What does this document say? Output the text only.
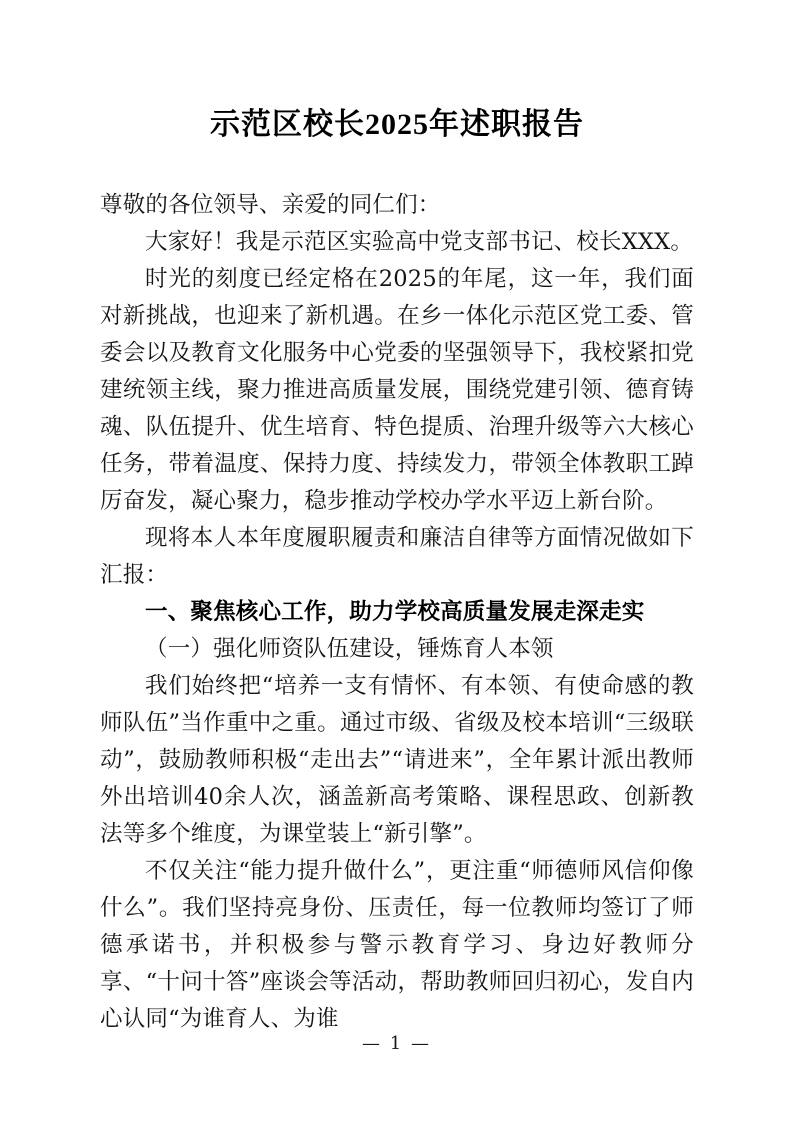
示范区校长2025年述职报告

尊敬的各位领导、亲爱的同仁们：

大家好！我是示范区实验高中党支部书记、校长XXX。

时光的刻度已经定格在2025的年尾，这一年，我们面对新挑战，也迎来了新机遇。在乡一体化示范区党工委、管委会以及教育文化服务中心党委的坚强领导下，我校紧扣党建统领主线，聚力推进高质量发展，围绕党建引领、德育铸魂、队伍提升、优生培育、特色提质、治理升级等六大核心任务，带着温度、保持力度、持续发力，带领全体教职工踔厉奋发，凝心聚力，稳步推动学校办学水平迈上新台阶。

现将本人本年度履职履责和廉洁自律等方面情况做如下汇报：

一、聚焦核心工作，助力学校高质量发展走深走实
（一）强化师资队伍建设，锤炼育人本领

我们始终把“培养一支有情怀、有本领、有使命感的教师队伍”当作重中之重。通过市级、省级及校本培训“三级联动”，鼓励教师积极“走出去”“请进来”，全年累计派出教师外出培训40余人次，涵盖新高考策略、课程思政、创新教法等多个维度，为课堂装上“新引擎”。

不仅关注“能力提升做什么”，更注重“师德师风信仰像什么”。我们坚持亮身份、压责任，每一位教师均签订了师德承诺书，并积极参与警示教育学习、身边好教师分享、“十问十答”座谈会等活动，帮助教师回归初心，发自内心认同“为谁育人、为谁

— 1 —
